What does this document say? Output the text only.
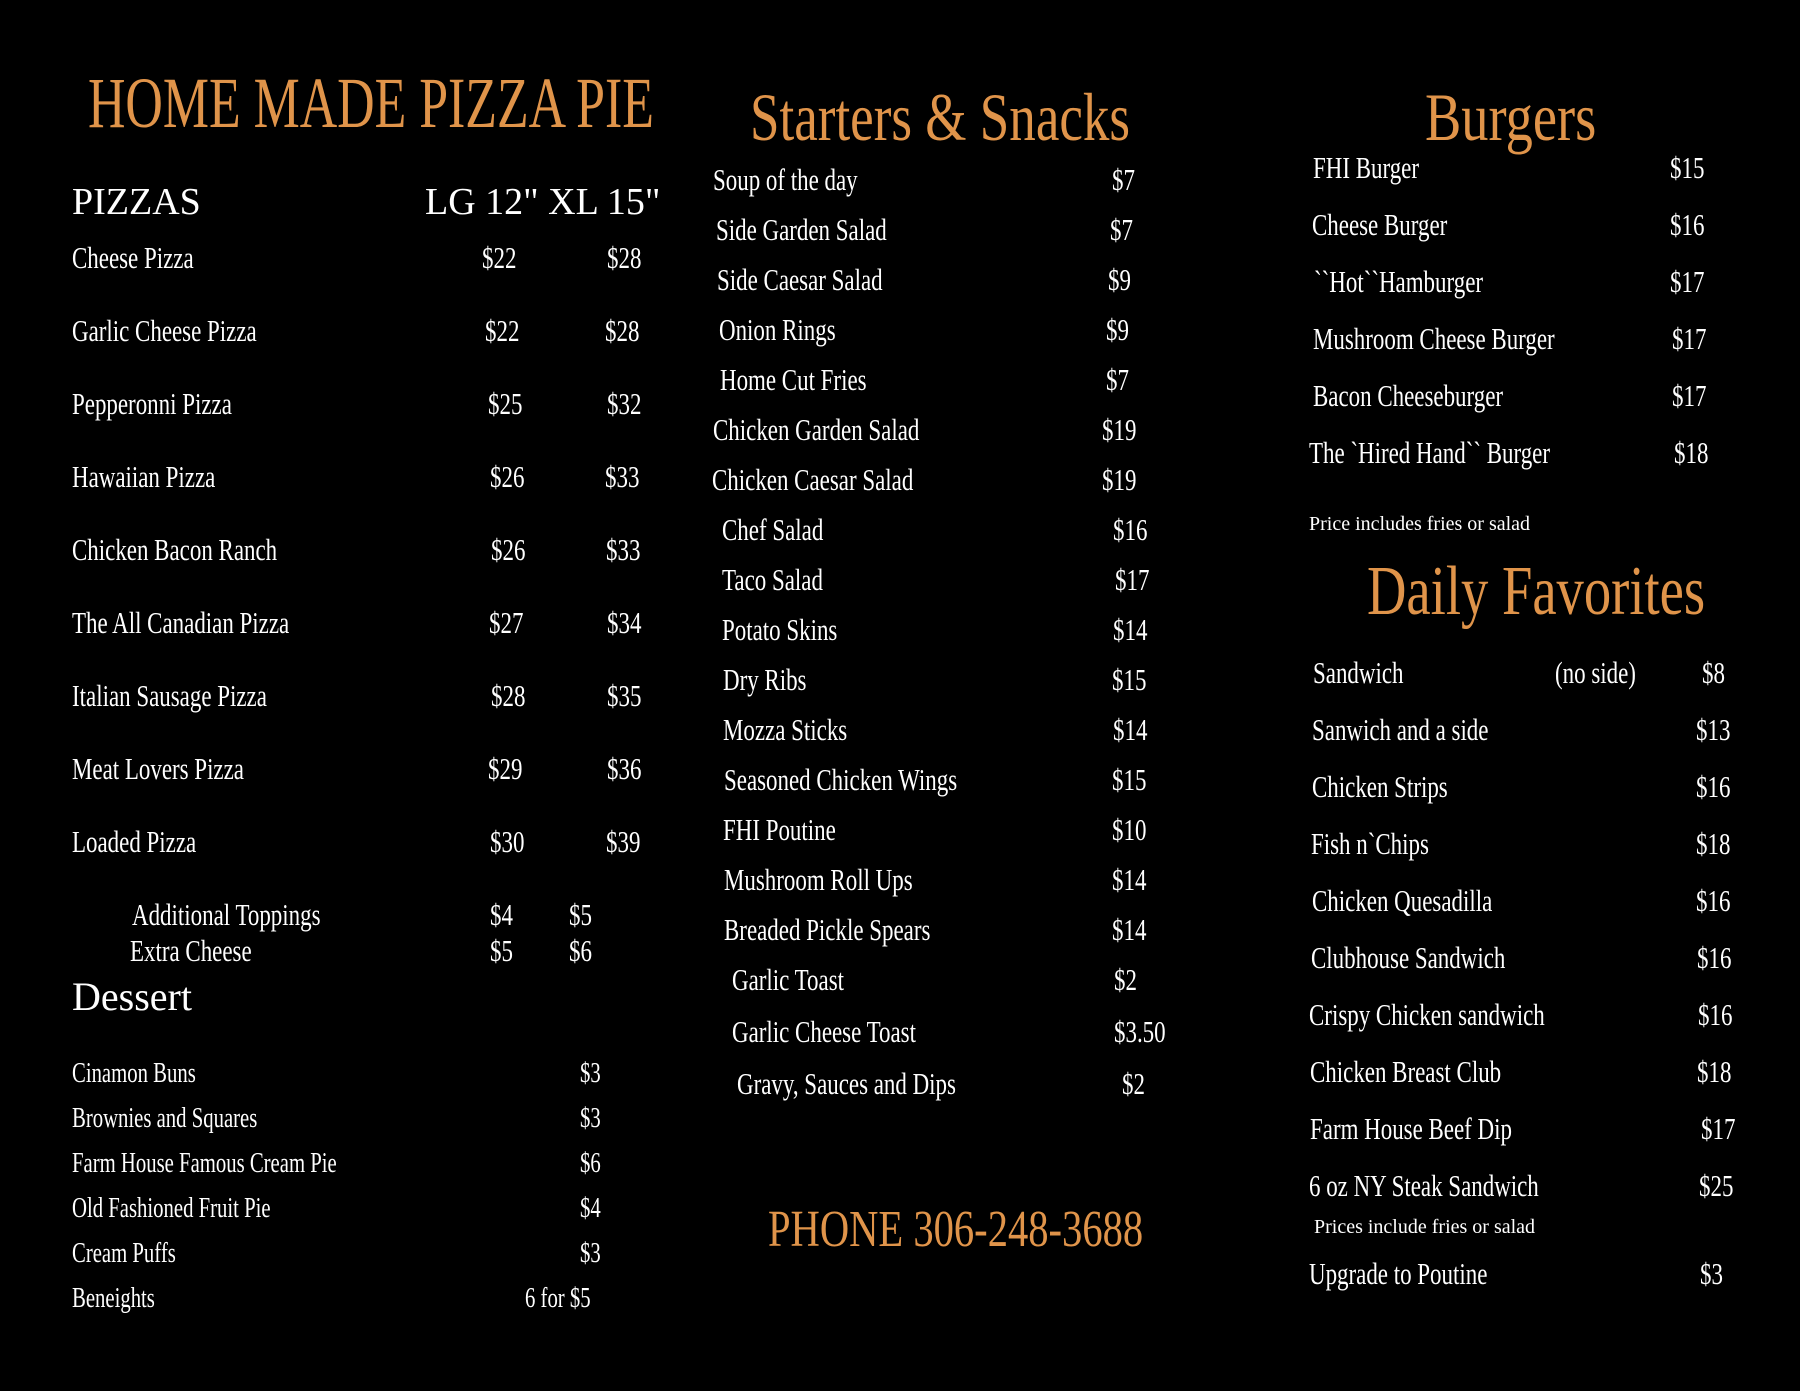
HOME MADE PIZZA PIE
PIZZAS	LG 12" XL 15"
Cheese Pizza	$22	$28
Garlic Cheese Pizza	$22	$28
Pepperonni Pizza	$25	$32
Hawaiian Pizza	$26	$33
Chicken Bacon Ranch	$26	$33
The All Canadian Pizza	$27	$34
Italian Sausage Pizza	$28	$35
Meat Lovers Pizza	$29	$36
Loaded Pizza	$30	$39
Additional Toppings	$4 $5
Extra Cheese	$5 $6
Dessert
Cinamon Buns	$3
Brownies and Squares	$3
Farm House Famous Cream Pie	$6
Old Fashioned Fruit Pie	$4
Cream Puffs	$3
Beneights	6 for $5
Starters & Snacks
Soup of the day	$7
Side Garden Salad	$7
Side Caesar Salad	$9
Onion Rings	$9
Home Cut Fries	$7
Chicken Garden Salad	$19
Chicken Caesar Salad	$19
Chef Salad	$16
Taco Salad	$17
Potato Skins	$14
Dry Ribs	$15
Mozza Sticks	$14
Seasoned Chicken Wings	$15
FHI Poutine	$10
Mushroom Roll Ups	$14
Breaded Pickle Spears	$14
Garlic Toast	$2
Garlic Cheese Toast	$3.50
Gravy, Sauces and Dips	$2
PHONE 306-248-3688
Burgers
FHI Burger	$15
Cheese Burger	$16
``Hot``Hamburger	$17
Mushroom Cheese Burger	$17
Bacon Cheeseburger	$17
The `Hired Hand`` Burger	$18
Price includes fries or salad
Daily Favorites
Sandwich	(no side) $8
Sanwich and a side	$13
Chicken Strips	$16
Fish n`Chips	$18
Chicken Quesadilla	$16
Clubhouse Sandwich	$16
Crispy Chicken sandwich	$16
Chicken Breast Club	$18
Farm House Beef Dip	$17
6 oz NY Steak Sandwich	$25
Prices include fries or salad
Upgrade to Poutine	$3
